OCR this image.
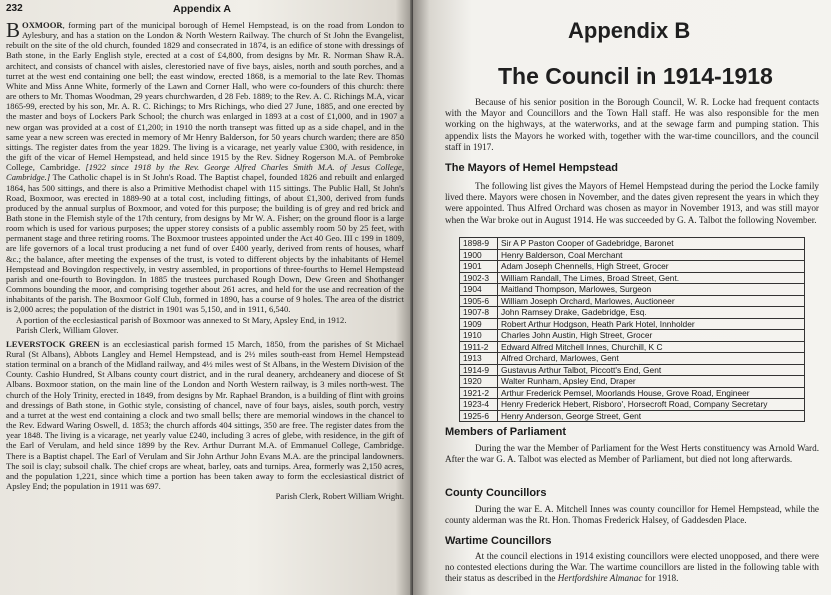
232	Appendix A

BOXMOOR, forming part of the municipal borough of Hemel Hempstead, is on the road from London to Aylesbury, and has a station on the London & North Western Railway. The church of St John the Evangelist, rebuilt on the site of the old church, founded 1829 and consecrated in 1874, is an edifice of stone with dressings of Bath stone, in the Early English style, erected at a cost of £4,800, from designs by Mr. R. Norman Shaw R.A. architect, and consists of chancel with aisles, clerestoried nave of five bays, aisles, north and south porches, and a turret at the west end containing one bell; the east window, erected 1868, is a memorial to the late Rev. Thomas White and Miss Anne White, formerly of the Lawn and Corner Hall, who were co-founders of this church: there are others to Mr. Thomas Woodman, 29 years churchwarden, d 28 Feb. 1889; to the Rev. A. C. Richings M.A, vicar 1865-99, erected by his son, Mr. A. R. C. Richings; to Mrs Richings, who died 27 June, 1885, and one erected by the master and boys of Lockers Park School; the church was enlarged in 1893 at a cost of £1,000, and in 1907 a new organ was provided at a cost of £1,200; in 1910 the north transept was fitted up as a side chapel, and in the same year a new screen was erected in memory of Mr Henry Balderson, for 50 years church warden; there are 850 sittings. The register dates from the year 1829. The living is a vicarage, net yearly value £300, with residence, in the gift of the vicar of Hemel Hempstead, and held since 1915 by the Rev. Sidney Rogerson M.A. of Pembroke College, Cambridge. [1922 since 1918 by the Rev. George Alfred Charles Smith M.A. of Jesus College, Cambridge.] The Catholic chapel is in St John's Road. The Baptist chapel, founded 1826 and rebuilt and enlarged 1864, has 500 sittings, and there is also a Primitive Methodist chapel with 115 sittings. The Public Hall, St John's Road, Boxmoor, was erected in 1889-90 at a total cost, including fittings, of about £1,300, derived from funds produced by the annual surplus of Boxmoor, and voted for this purpose; the building is of grey and red brick and Bath stone in the Flemish style of the 17th century, from designs by Mr W. A. Fisher; on the ground floor is a large room which is used for various purposes; the upper storey consists of a public assembly room 50 by 25 feet, with permanent stage and three retiring rooms. The Boxmoor trustees appointed under the Act 40 Geo. III c 199 in 1809, are life governors of a local trust producing a net fund of over £400 yearly, derived from rents of houses, wharf &c.; the balance, after meeting the expenses of the trust, is voted to different objects by the inhabitants of Hemel Hempstead and Bovingdon respectively, in vestry assembled, in proportions of three-fourths to Hemel Hempstead parish and one-fourth to Bovingdon. In 1885 the trustees purchased Rough Down, Dew Green and Shothanger Commons bounding the moor, and comprising together about 261 acres, and held for the use and recreation of the inhabitants of the parish. The Boxmoor Golf Club, formed in 1890, has a course of 9 holes. The area of the district is 2,000 acres; the population of the district in 1901 was 5,150, and in 1911, 6,540.

A portion of the ecclesiastical parish of Boxmoor was annexed to St Mary, Apsley End, in 1912.

Parish Clerk, William Glover.

LEVERSTOCK GREEN is an ecclesiastical parish formed 15 March, 1850, from the parishes of St Michael Rural (St Albans), Abbots Langley and Hemel Hempstead, and is 2½ miles south-east from Hemel Hempstead station terminal on a branch of the Midland railway, and 4½ miles west of St Albans, in the Western Division of the County. Cashio Hundred, St Albans county court district, and in the rural deanery, archdeanery and diocese of St Albans. Boxmoor station, on the main line of the London and North Western railway, is 3 miles north-west. The church of the Holy Trinity, erected in 1849, from designs by Mr. Raphael Brandon, is a building of flint with groins and dressings of Bath stone, in Gothic style, consisting of chancel, nave of four bays, aisles, south porch, vestry and a turret at the west end containing a clock and two small bells; there are memorial windows in the chancel to the Rev. Edward Waring Oswell, d. 1853; the church affords 404 sittings, 350 are free. The register dates from the year 1848. The living is a vicarage, net yearly value £240, including 3 acres of glebe, with residence, in the gift of the Earl of Verulam, and held since 1899 by the Rev. Arthur Durrant M.A. of Emmanuel College, Cambridge. There is a Baptist chapel. The Earl of Verulam and Sir John Arthur John Evans M.A. are the principal landowners. The soil is clay; subsoil chalk. The chief crops are wheat, barley, oats and turnips. Area, formerly was 2,150 acres, and the population 1,221, since which time a portion has been taken away to form the ecclesiastical district of Apsley End; the population in 1911 was 697.

Parish Clerk, Robert William Wright.

Appendix B
The Council in 1914-1918

Because of his senior position in the Borough Council, W. R. Locke had frequent contacts with the Mayor and Councillors and the Town Hall staff. He was also responsible for the men working on the highways, at the waterworks, and at the sewage farm and pumping station. This appendix lists the Mayors he worked with, together with the war-time councillors, and the council staff in 1917.

The Mayors of Hemel Hempstead

The following list gives the Mayors of Hemel Hempstead during the period the Locke family lived there. Mayors were chosen in November, and the dates given represent the years in which they were appointed. Thus Alfred Orchard was chosen as mayor in November 1913, and was still mayor when the War broke out in August 1914. He was succeeded by G. A. Talbot the following November.

1898-9	Sir A P Paston Cooper of Gadebridge, Baronet
1900	Henry Balderson, Coal Merchant
1901	Adam Joseph Chennells, High Street, Grocer
1902-3	William Randall, The Limes, Broad Street, Gent.
1904	Maitland Thompson, Marlowes, Surgeon
1905-6	William Joseph Orchard, Marlowes, Auctioneer
1907-8	John Ramsey Drake, Gadebridge, Esq.
1909	Robert Arthur Hodgson, Heath Park Hotel, Innholder
1910	Charles John Austin, High Street, Grocer
1911-2	Edward Alfred Mitchell Innes, Churchill, K C
1913	Alfred Orchard, Marlowes, Gent
1914-9	Gustavus Arthur Talbot, Piccott's End, Gent
1920	Walter Runham, Apsley End, Draper
1921-2	Arthur Frederick Pemsel, Moorlands House, Grove Road, Engineer
1923-4	Henry Frederick Hebert, Risboro', Horsecroft Road, Company Secretary
1925-6	Henry Anderson, George Street, Gent
Members of Parliament

During the war the Member of Parliament for the West Herts constituency was Arnold Ward. After the war G. A. Talbot was elected as Member of Parliament, but died not long afterwards.

County Councillors

During the war E. A. Mitchell Innes was county councillor for Hemel Hempstead, while the county alderman was the Rt. Hon. Thomas Frederick Halsey, of Gaddesden Place.

Wartime Councillors

At the council elections in 1914 existing councillors were elected unopposed, and there were no contested elections during the War. The wartime councillors are listed in the following table with their status as described in the Hertfordshire Almanac for 1918.
